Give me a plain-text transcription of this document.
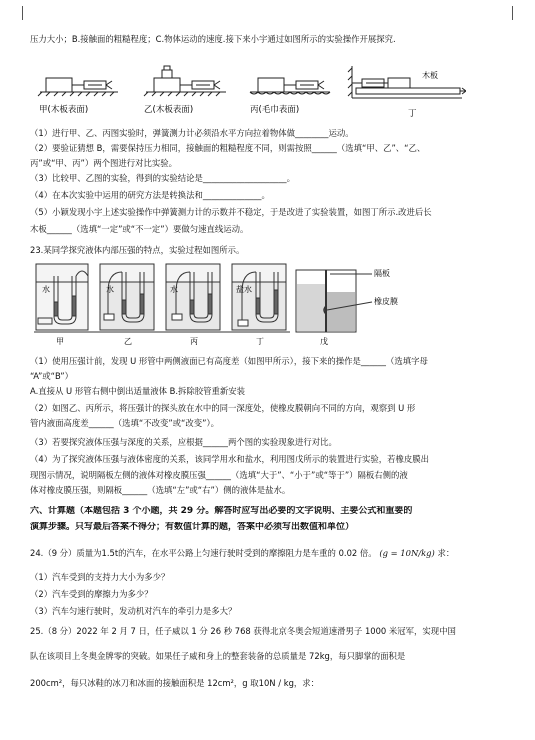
压力大小；B.接触面的粗糙程度；C.物体运动的速度.接下来小宇通过如图所示的实验操作开展探究.
甲(木板表面)	乙(木板表面)	丙(毛巾表面)	丁
木板
（1）进行甲、乙、丙图实验时，弹簧测力计必须沿水平方向拉着物体做________运动。
（2）要验证猜想 B，需要保持压力相同，接触面的粗糙程度不同，则需按照______（选填“甲、乙”、“乙、
丙”或“甲、丙”）两个图进行对比实验。
（3）比较甲、乙图的实验，得到的实验结论是____________________。
（4）在本次实验中运用的研究方法是转换法和______________。
（5）小颖发现小宇上述实验操作中弹簧测力计的示数并不稳定，于是改进了实验装置，如图丁所示.改进后长
木板______（选填“一定”或“不一定”）要做匀速直线运动。
23.某同学探究液体内部压强的特点，实验过程如图所示。
水	水	水	盐水
隔板
橡皮膜
甲	乙	丙	丁	戊
（1）使用压强计前，发现 U 形管中两侧液面已有高度差（如图甲所示），接下来的操作是______（选填字母
“A”或“B”）
A.直接从 U 形管右侧中倒出适量液体 B.拆除胶管重新安装
（2）如图乙、丙所示，将压强计的探头放在水中的同一深度处，使橡皮膜朝向不同的方向，观察到 U 形
管内液面高度差______（选填“不改变”或“改变”）。
（3）若要探究液体压强与深度的关系，应根据______两个图的实验现象进行对比。
（4）为了探究液体压强与液体密度的关系，该同学用水和盐水，利用图戊所示的装置进行实验，若橡皮膜出
现图示情况，说明隔板左侧的液体对橡皮膜压强______（选填“大于”、“小于”或“等于”）隔板右侧的液
体对橡皮膜压强，则隔板______（选填“左”或“右”）侧的液体是盐水。
六、计算题（本题包括 3 个小题，共 29 分。解答时应写出必要的文字说明、主要公式和重要的
演算步骤。只写最后答案不得分；有数值计算的题，答案中必须写出数值和单位）
24.（9 分）质量为1.5t的汽车，在水平公路上匀速行驶时受到的摩擦阻力是车重的 0.02 倍。 (g = 10N/kg) 求：
（1）汽车受到的支持力大小为多少？
（2）汽车受到的摩擦力为多少？
（3）汽车匀速行驶时，发动机对汽车的牵引力是多大？
25.（8 分）2022 年 2 月 7 日，任子威以 1 分 26 秒 768 获得北京冬奥会短道速滑男子 1000 米冠军，实现中国
队在该项目上冬奥金牌零的突破。如果任子威和身上的整套装备的总质量是 72kg，每只脚掌的面积是
200cm²，每只冰鞋的冰刀和冰面的接触面积是 12cm²，g 取10N / kg，求：
